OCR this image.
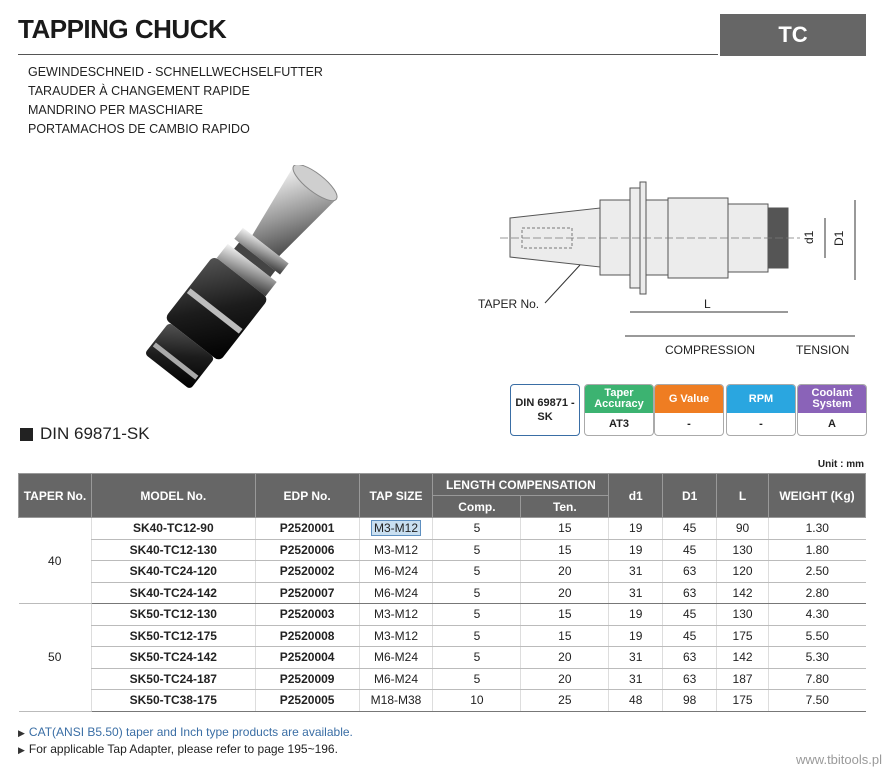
TAPPING CHUCK	TC
GEWINDESCHNEID - SCHNELLWECHSELFUTTER
TARAUDER À CHANGEMENT RAPIDE
MANDRINO PER MASCHIARE
PORTAMACHOS DE CAMBIO RAPIDO
d1 D1
L
TAPER No.
COMPRESSION	TENSION
DIN 69871 - SK
Taper Accuracy
AT3
G Value
-
RPM
-
Coolant System
A
DIN 69871-SK
Unit : mm
TAPER No.	MODEL No.	EDP No.	TAP SIZE	LENGTH COMPENSATION		d1	D1	L	WEIGHT (Kg)
				Comp.	Ten.				
40	SK40-TC12-90	P2520001	M3-M12	5	15	19	45	90	1.30
	SK40-TC12-130	P2520006	M3-M12	5	15	19	45	130	1.80
	SK40-TC24-120	P2520002	M6-M24	5	20	31	63	120	2.50
	SK40-TC24-142	P2520007	M6-M24	5	20	31	63	142	2.80
50	SK50-TC12-130	P2520003	M3-M12	5	15	19	45	130	4.30
	SK50-TC12-175	P2520008	M3-M12	5	15	19	45	175	5.50
	SK50-TC24-142	P2520004	M6-M24	5	20	31	63	142	5.30
	SK50-TC24-187	P2520009	M6-M24	5	20	31	63	187	7.80
	SK50-TC38-175	P2520005	M18-M38	10	25	48	98	175	7.50
▶ CAT(ANSI B5.50) taper and Inch type products are available.
▶ For applicable Tap Adapter, please refer to page 195~196.
www.tbitools.pl
